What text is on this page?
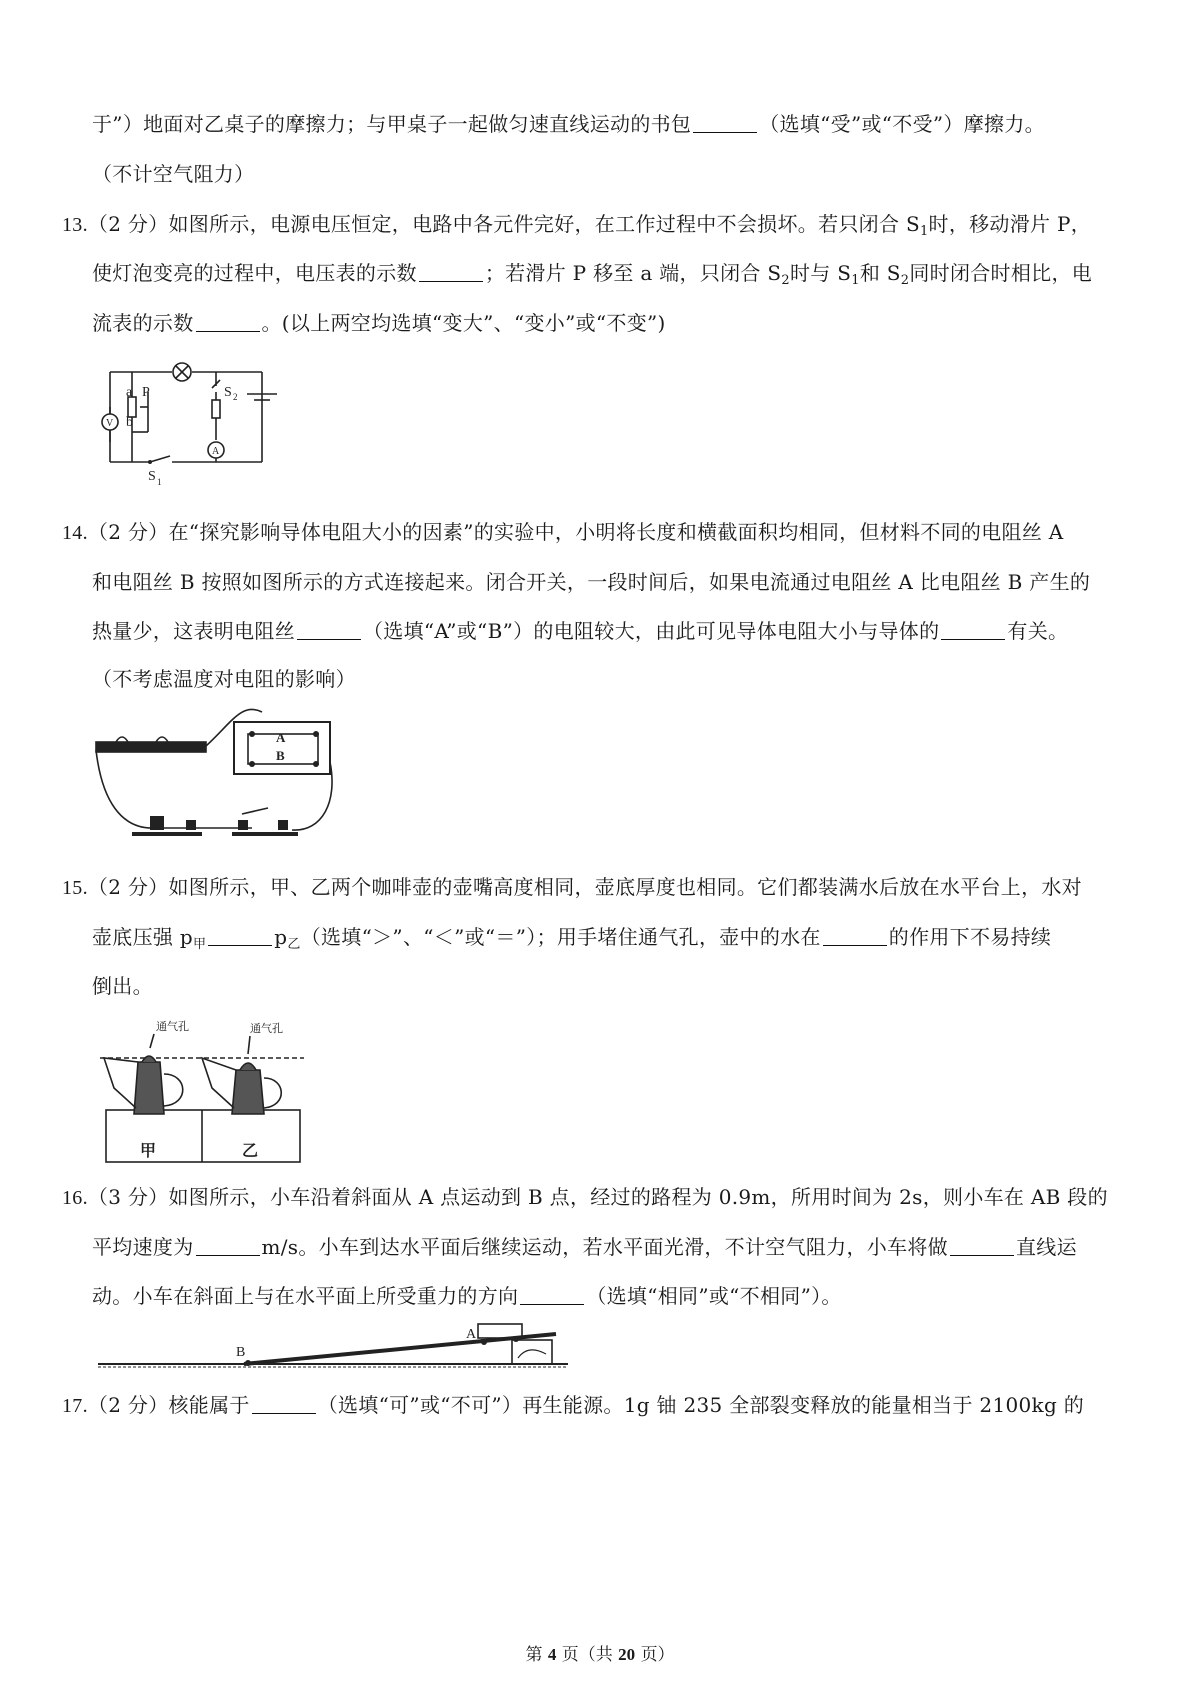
于”）地面对乙桌子的摩擦力；与甲桌子一起做匀速直线运动的书包	（选填“受”或“不受”）摩擦力。
（不计空气阻力）
13.（2 分）如图所示，电源电压恒定，电路中各元件完好，在工作过程中不会损坏。若只闭合 $S_1$时，移动滑片 P，
使灯泡变亮的过程中，电压表的示数	；若滑片 P 移至 a 端，只闭合 $S_2$时与 $S_1$和 $S_2$同时闭合时相比，电
流表的示数	。(以上两空均选填“变大”、“变小”或“不变”)
a P
b
V
A
S 2
S 1
14.（2 分）在“探究影响导体电阻大小的因素”的实验中，小明将长度和横截面积均相同，但材料不同的电阻丝 A
和电阻丝 B 按照如图所示的方式连接起来。闭合开关，一段时间后，如果电流通过电阻丝 A 比电阻丝 B 产生的
热量少，这表明电阻丝	（选填“A”或“B”）的电阻较大，由此可见导体电阻大小与导体的	有关。
（不考虑温度对电阻的影响）
A
B
15.（2 分）如图所示，甲、乙两个咖啡壶的壶嘴高度相同，壶底厚度也相同。它们都装满水后放在水平台上，水对
壶底压强 $p_甲$	$p_乙$（选填“＞”、“＜”或“＝”）；用手堵住通气孔，壶中的水在	的作用下不易持续
倒出。
通气孔	通气孔
甲	乙
16.（3 分）如图所示，小车沿着斜面从 A 点运动到 B 点，经过的路程为 0.9m，所用时间为 2s，则小车在 AB 段的
平均速度为	m/s。小车到达水平面后继续运动，若水平面光滑，不计空气阻力，小车将做	直线运
动。小车在斜面上与在水平面上所受重力的方向	（选填“相同”或“不相同”）。
B
A
17.（2 分）核能属于	（选填“可”或“不可”）再生能源。1g 铀 235 全部裂变释放的能量相当于 2100kg 的
第 4 页（共 20 页）
